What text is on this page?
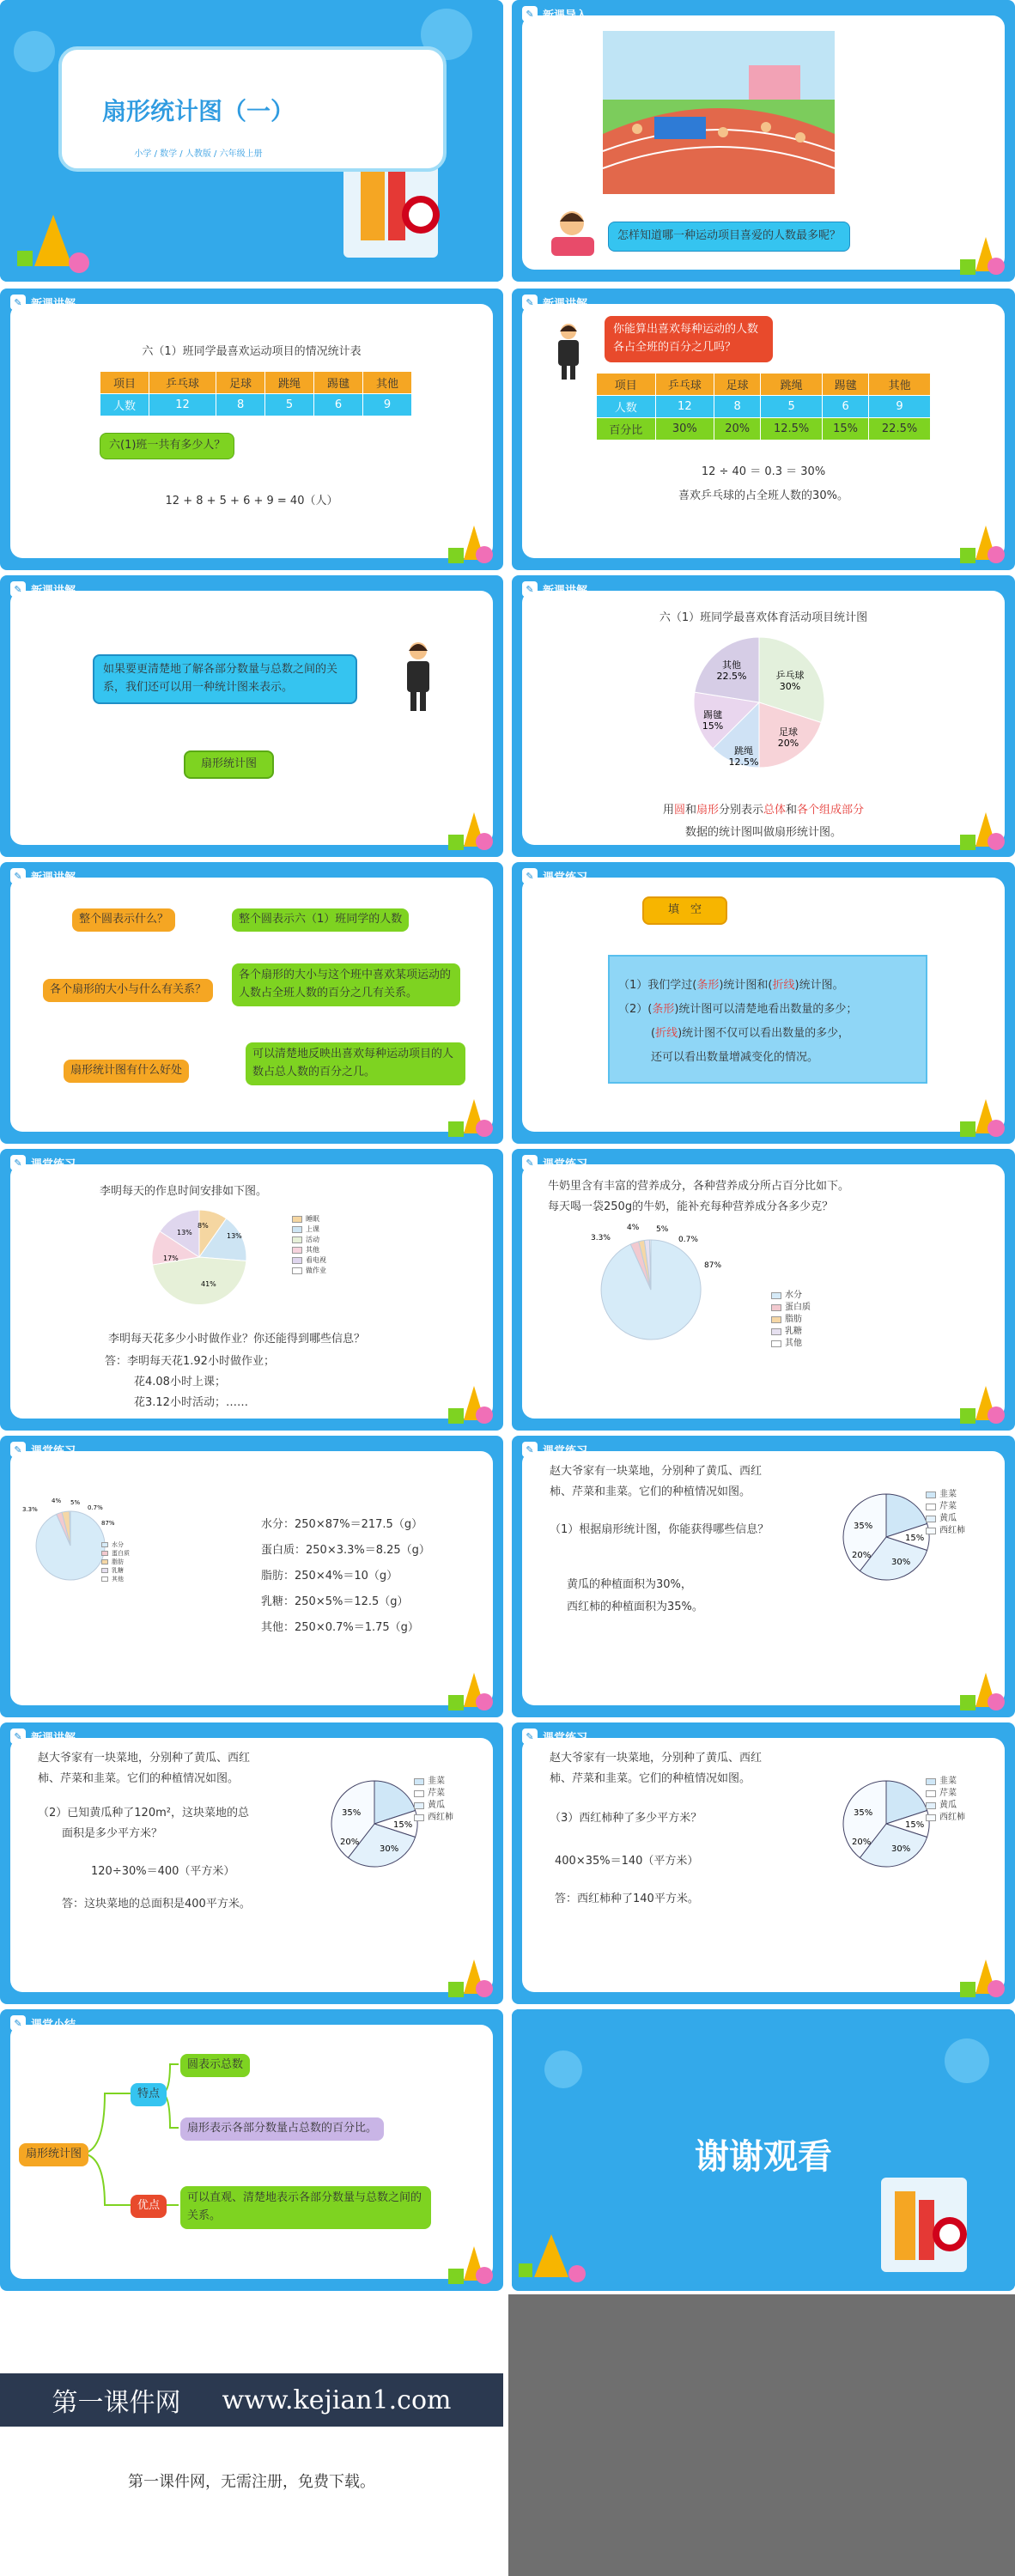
扇形统计图（一）
小学 / 数学 / 人教版 / 六年级上册
✎ 新课导入
怎样知道哪一种运动项目喜爱的人数最多呢？
✎ 新课讲解
六（1）班同学最喜欢运动项目的情况统计表
项目	乒乓球	足球	跳绳	踢毽	其他
人数	12	8	5	6	9
六(1)班一共有多少人？
12 + 8 + 5 + 6 + 9 = 40（人）
✎ 新课讲解
你能算出喜欢每种运动的人数各占全班的百分之几吗？
项目	乒乓球	足球	跳绳	踢毽	其他
人数	12	8	5	6	9
百分比	30%	20%	12.5%	15%	22.5%
12 ÷ 40 ＝ 0.3 ＝ 30%
喜欢乒乓球的占全班人数的30%。
✎ 新课讲解
如果要更清楚地了解各部分数量与总数之间的关系，我们还可以用一种统计图来表示。
扇形统计图
✎ 新课讲解
六（1）班同学最喜欢体育活动项目统计图
其他
22.5%	乒乓球
30%
足球
20%
跳绳
12.5%
踢毽
15%
用圆和扇形分别表示总体和各个组成部分
数据的统计图叫做扇形统计图。
✎ 新课讲解
整个圆表示什么？	整个圆表示六（1）班同学的人数
各个扇形的大小与什么有关系？
各个扇形的大小与这个班中喜欢某项运动的人数占全班人数的百分之几有关系。
扇形统计图有什么好处
可以清楚地反映出喜欢每种运动项目的人数占总人数的百分之几。
✎ 课堂练习
填　空
（1）我们学过(条形)统计图和(折线)统计图。
（2）(条形)统计图可以清楚地看出数量的多少；
(折线)统计图不仅可以看出数量的多少，
还可以看出数量增减变化的情况。
✎ 课堂练习
李明每天的作息时间安排如下图。
8%
13%
17%
41%
13%
睡眠
上课
活动
其他
看电视
做作业
李明每天花多少小时做作业？你还能得到哪些信息？
答：李明每天花1.92小时做作业；
花4.08小时上课；
花3.12小时活动；……
✎ 课堂练习
牛奶里含有丰富的营养成分，各种营养成分所占百分比如下。
每天喝一袋250g的牛奶，能补充每种营养成分各多少克？
4% 5%
0.7%
3.3%
87%
水分
蛋白质
脂肪
乳糖
其他
✎ 课堂练习
4% 5%
0.7%
3.3%
87%
水分
蛋白质
脂肪
乳糖
其他
水分：250×87%＝217.5（g）
蛋白质：250×3.3%＝8.25（g）
脂肪：250×4%＝10（g）
乳糖：250×5%＝12.5（g）
其他：250×0.7%＝1.75（g）
✎ 课堂练习
赵大爷家有一块菜地，分别种了黄瓜、西红
柿、芹菜和韭菜。它们的种植情况如图。
（1）根据扇形统计图，你能获得哪些信息？
黄瓜的种植面积为30%，
西红柿的种植面积为35%。
35%
15%
20%
30%
韭菜
芹菜
黄瓜
西红柿
✎ 新课讲解
赵大爷家有一块菜地，分别种了黄瓜、西红
柿、芹菜和韭菜。它们的种植情况如图。
（2）已知黄瓜种了120m²，这块菜地的总
面积是多少平方米？
120÷30%＝400（平方米）
答：这块菜地的总面积是400平方米。
35%
15%
20%
30%
韭菜
芹菜
黄瓜
西红柿
✎ 课堂练习
赵大爷家有一块菜地，分别种了黄瓜、西红
柿、芹菜和韭菜。它们的种植情况如图。
（3）西红柿种了多少平方米？
400×35%＝140（平方米）
答：西红柿种了140平方米。
35%
15%
20%
30%
韭菜
芹菜
黄瓜
西红柿
✎ 课堂小结
扇形统计图
特点
优点
圆表示总数
扇形表示各部分数量占总数的百分比。
可以直观、清楚地表示各部分数量与总数之间的关系。
谢谢观看
第一课件网 www.kejian1.com
第一课件网，无需注册，免费下载。
